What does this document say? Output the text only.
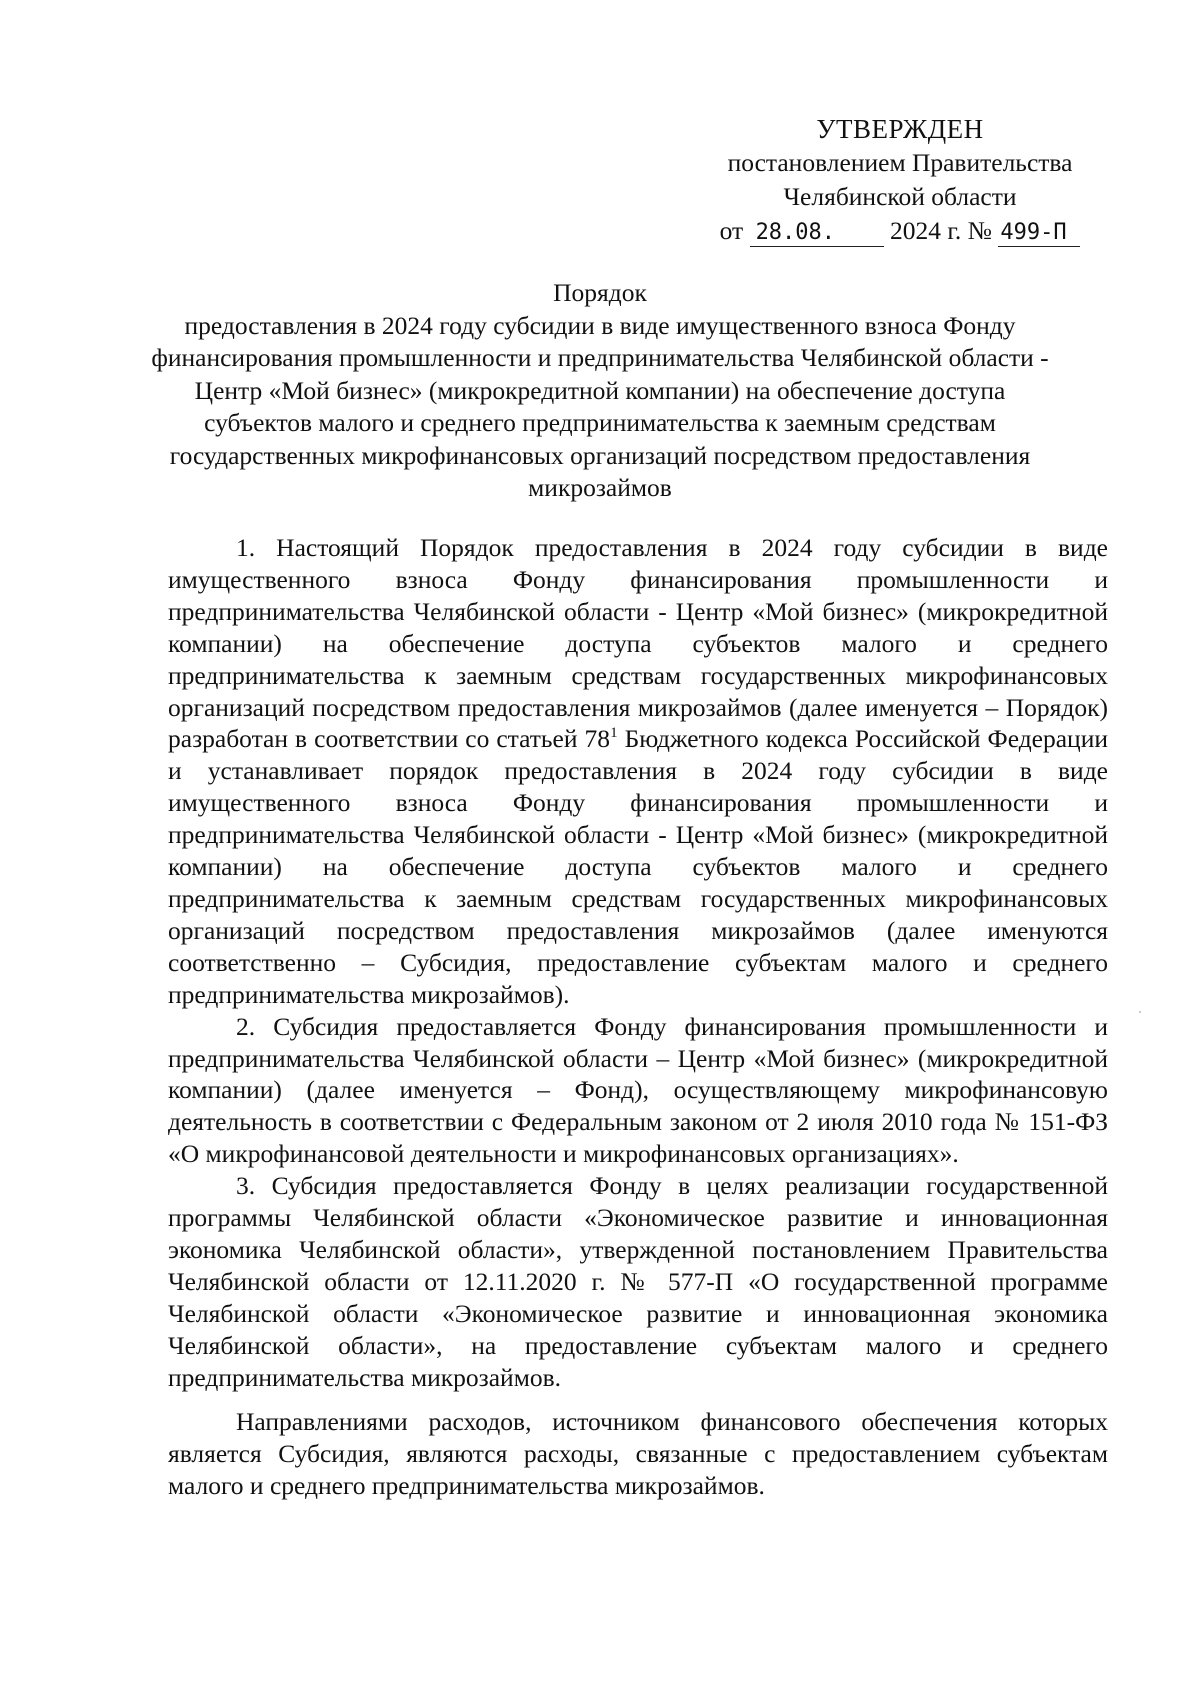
УТВЕРЖДЕН
постановлением Правительства
Челябинской области
от 28.08. 2024 г. № 499-П
Порядок
предоставления в 2024 году субсидии в виде имущественного взноса Фонду финансирования промышленности и предпринимательства Челябинской области - Центр «Мой бизнес» (микрокредитной компании) на обеспечение доступа субъектов малого и среднего предпринимательства к заемным средствам государственных микрофинансовых организаций посредством предоставления микрозаймов

1. Настоящий Порядок предоставления в 2024 году субсидии в виде имущественного взноса Фонду финансирования промышленности и предпринимательства Челябинской области - Центр «Мой бизнес» (микрокредитной компании) на обеспечение доступа субъектов малого и среднего предпринимательства к заемным средствам государственных микрофинансовых организаций посредством предоставления микрозаймов (далее именуется – Порядок) разработан в соответствии со статьей $78^1$ Бюджетного кодекса Российской Федерации и устанавливает порядок предоставления в 2024 году субсидии в виде имущественного взноса Фонду финансирования промышленности и предпринимательства Челябинской области - Центр «Мой бизнес» (микрокредитной компании) на обеспечение доступа субъектов малого и среднего предпринимательства к заемным средствам государственных микрофинансовых организаций посредством предоставления микрозаймов (далее именуются соответственно – Субсидия, предоставление субъектам малого и среднего предпринимательства микрозаймов).

2. Субсидия предоставляется Фонду финансирования промышленности и предпринимательства Челябинской области – Центр «Мой бизнес» (микрокредитной компании) (далее именуется – Фонд), осуществляющему микрофинансовую деятельность в соответствии с Федеральным законом от 2 июля 2010 года № 151-ФЗ «О микрофинансовой деятельности и микрофинансовых организациях».

3. Субсидия предоставляется Фонду в целях реализации государственной программы Челябинской области «Экономическое развитие и инновационная экономика Челябинской области», утвержденной постановлением Правительства Челябинской области от 12.11.2020 г. № 577-П «О государственной программе Челябинской области «Экономическое развитие и инновационная экономика Челябинской области», на предоставление субъектам малого и среднего предпринимательства микрозаймов.

Направлениями расходов, источником финансового обеспечения которых является Субсидия, являются расходы, связанные с предоставлением субъектам малого и среднего предпринимательства микрозаймов.
